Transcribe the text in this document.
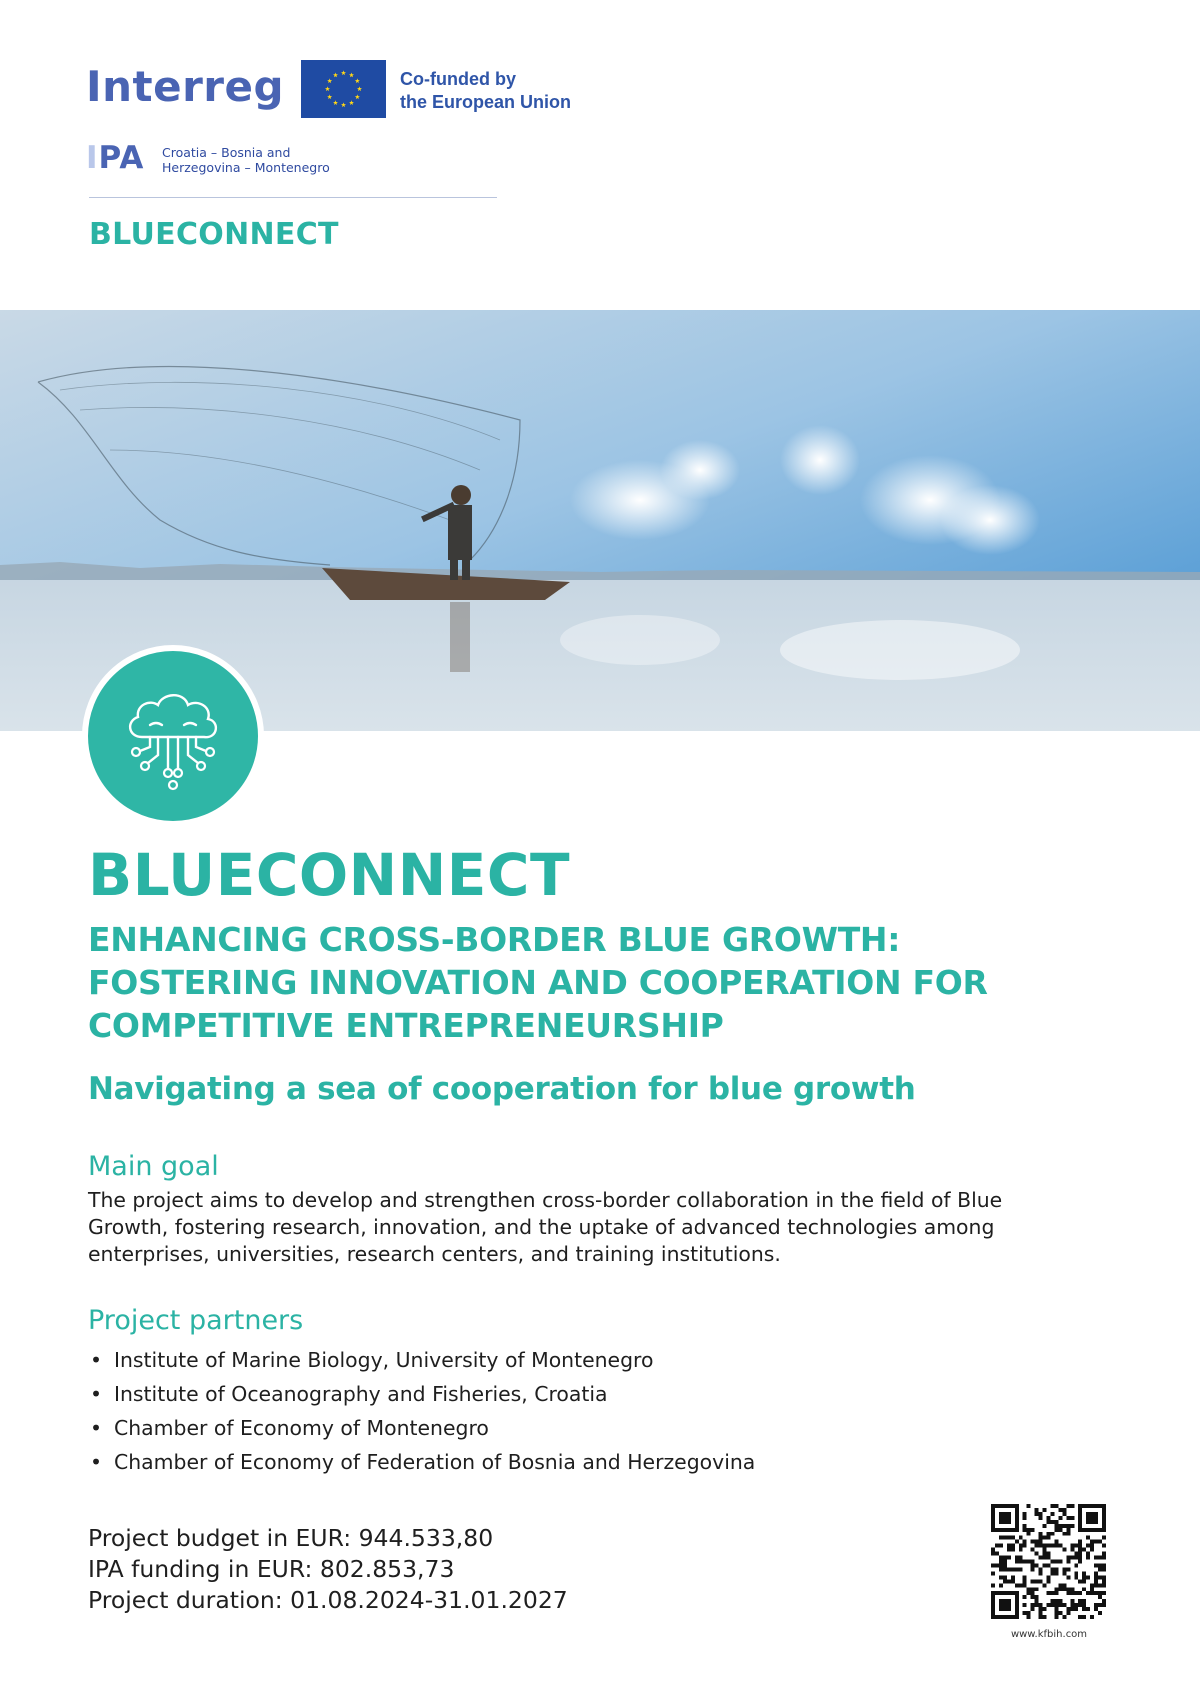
Interreg	Co-funded by
the European Union
IPA Croatia – Bosnia and
Herzegovina – Montenegro
BLUECONNECT
BLUECONNECT
ENHANCING CROSS-BORDER BLUE GROWTH:
FOSTERING INNOVATION AND COOPERATION FOR
COMPETITIVE ENTREPRENEURSHIP
Navigating a sea of cooperation for blue growth
Main goal
The project aims to develop and strengthen cross-border collaboration in the field of Blue
Growth, fostering research, innovation, and the uptake of advanced technologies among
enterprises, universities, research centers, and training institutions.
Project partners
• Institute of Marine Biology, University of Montenegro
• Institute of Oceanography and Fisheries, Croatia
• Chamber of Economy of Montenegro
• Chamber of Economy of Federation of Bosnia and Herzegovina
Project budget in EUR: 944.533,80
IPA funding in EUR: 802.853,73
Project duration: 01.08.2024-31.01.2027
www.kfbih.com
